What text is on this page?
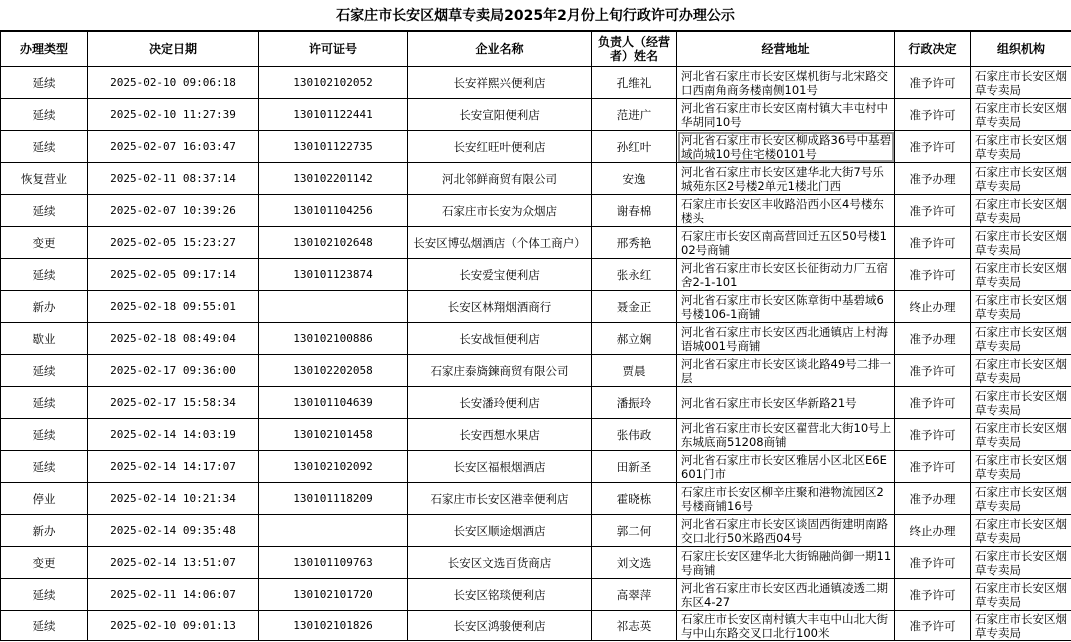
石家庄市长安区烟草专卖局2025年2月份上旬行政许可办理公示
办理类型	决定日期	许可证号	企业名称	负责人（经营者）姓名	经营地址	行政决定	组织机构
延续	2025-02-10 09:06:18	130102102052	长安祥熙兴便利店	孔维礼	河北省石家庄市长安区煤机街与北宋路交口西南角商务楼南侧101号	准予许可	石家庄市长安区烟草专卖局
延续	2025-02-10 11:27:39	130101122441	长安宣阳便利店	范进广	河北省石家庄市长安区南村镇大丰屯村中华胡同10号	准予许可	石家庄市长安区烟草专卖局
延续	2025-02-07 16:03:47	130101122735	长安红旺叶便利店	孙红叶	河北省石家庄市长安区柳成路36号中基碧域尚城10号住宅楼0101号	准予许可	石家庄市长安区烟草专卖局
恢复营业	2025-02-11 08:37:14	130102201142	河北邻鲜商贸有限公司	安逸	河北省石家庄市长安区建华北大街7号乐城苑东区2号楼2单元1楼北门西	准予办理	石家庄市长安区烟草专卖局
延续	2025-02-07 10:39:26	130101104256	石家庄市长安为众烟店	谢春棉	石家庄市长安区丰收路沿西小区4号楼东楼头	准予许可	石家庄市长安区烟草专卖局
变更	2025-02-05 15:23:27	130102102648	长安区博弘烟酒店（个体工商户）	邢秀艳	石家庄市长安区南高营回迁五区50号楼102号商铺	准予许可	石家庄市长安区烟草专卖局
延续	2025-02-05 09:17:14	130101123874	长安爱宝便利店	张永红	河北省石家庄市长安区长征街动力厂五宿舍2-1-101	准予许可	石家庄市长安区烟草专卖局
新办	2025-02-18 09:55:01		长安区林翔烟酒商行	聂金正	河北省石家庄市长安区陈章街中基碧域6号楼106-1商铺	终止办理	石家庄市长安区烟草专卖局
歇业	2025-02-18 08:49:04	130102100886	长安战恒便利店	郝立娴	河北省石家庄市长安区西北通镇店上村海语城001号商铺	准予办理	石家庄市长安区烟草专卖局
延续	2025-02-17 09:36:00	130102202058	石家庄泰旖鍊商贸有限公司	贾晨	河北省石家庄市长安区谈北路49号二排一层	准予许可	石家庄市长安区烟草专卖局
延续	2025-02-17 15:58:34	130101104639	长安潘玲便利店	潘振玲	河北省石家庄市长安区华新路21号	准予许可	石家庄市长安区烟草专卖局
延续	2025-02-14 14:03:19	130102101458	长安西想水果店	张伟政	河北省石家庄市长安区翟营北大街10号上东城底商51208商铺	准予许可	石家庄市长安区烟草专卖局
延续	2025-02-14 14:17:07	130102102092	长安区福根烟酒店	田新圣	河北省石家庄市长安区雅居小区北区E6E601门市	准予许可	石家庄市长安区烟草专卖局
停业	2025-02-14 10:21:34	130101118209	石家庄市长安区港幸便利店	霍晓栋	石家庄市长安区柳辛庄聚和港物流园区2号楼商铺16号	准予办理	石家庄市长安区烟草专卖局
新办	2025-02-14 09:35:48		长安区顺途烟酒店	郭二何	河北省石家庄市长安区谈固西街建明南路交口北行50米路西04号	终止办理	石家庄市长安区烟草专卖局
变更	2025-02-14 13:51:07	130101109763	长安区文选百货商店	刘文选	石家庄长安区建华北大街锦融尚御一期11号商铺	准予许可	石家庄市长安区烟草专卖局
延续	2025-02-11 14:06:07	130102101720	长安区铭琰便利店	高翠萍	河北省石家庄市长安区西北通镇凌透二期东区4-27	准予许可	石家庄市长安区烟草专卖局
延续	2025-02-10 09:01:13	130102101826	长安区鸿骏便利店	祁志英	石家庄市长安区南村镇大丰屯中山北大街与中山东路交叉口北行100米	准予许可	石家庄市长安区烟草专卖局
